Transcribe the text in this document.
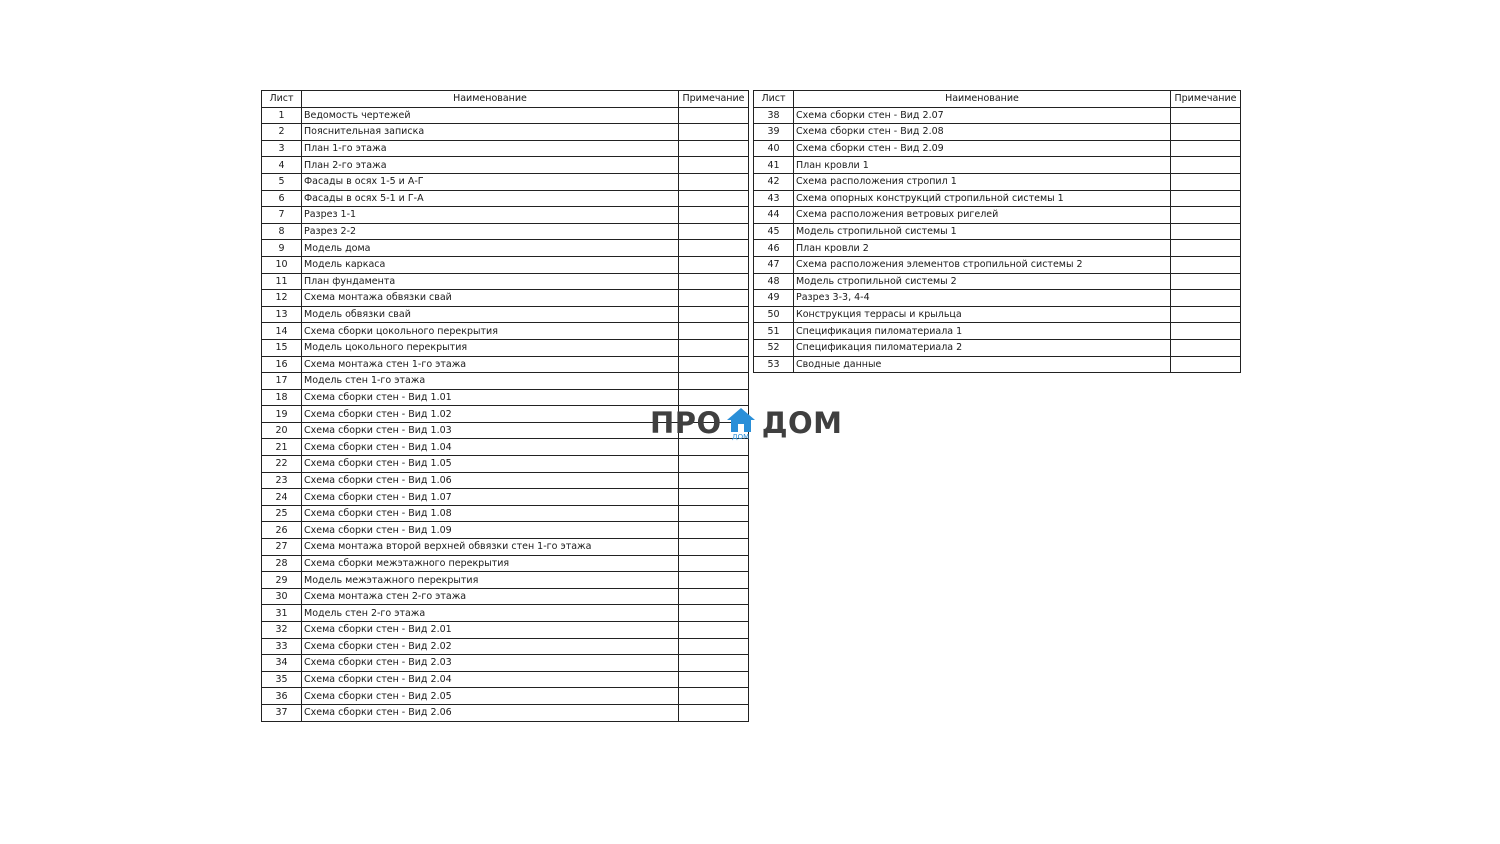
Лист	Наименование	Примечание
1	Ведомость чертежей	
2	Пояснительная записка	
3	План 1-го этажа	
4	План 2-го этажа	
5	Фасады в осях 1-5 и А-Г	
6	Фасады в осях 5-1 и Г-А	
7	Разрез 1-1	
8	Разрез 2-2	
9	Модель дома	
10	Модель каркаса	
11	План фундамента	
12	Схема монтажа обвязки свай	
13	Модель обвязки свай	
14	Схема сборки цокольного перекрытия	
15	Модель цокольного перекрытия	
16	Схема монтажа стен 1-го этажа	
17	Модель стен 1-го этажа	
18	Схема сборки стен - Вид 1.01	
19	Схема сборки стен - Вид 1.02	
20	Схема сборки стен - Вид 1.03	
21	Схема сборки стен - Вид 1.04	
22	Схема сборки стен - Вид 1.05	
23	Схема сборки стен - Вид 1.06	
24	Схема сборки стен - Вид 1.07	
25	Схема сборки стен - Вид 1.08	
26	Схема сборки стен - Вид 1.09	
27	Схема монтажа второй верхней обвязки стен 1-го этажа	
28	Схема сборки межэтажного перекрытия	
29	Модель межэтажного перекрытия	
30	Схема монтажа стен 2-го этажа	
31	Модель стен 2-го этажа	
32	Схема сборки стен - Вид 2.01	
33	Схема сборки стен - Вид 2.02	
34	Схема сборки стен - Вид 2.03	
35	Схема сборки стен - Вид 2.04	
36	Схема сборки стен - Вид 2.05	
37	Схема сборки стен - Вид 2.06	
Лист	Наименование	Примечание
38	Схема сборки стен - Вид 2.07	
39	Схема сборки стен - Вид 2.08	
40	Схема сборки стен - Вид 2.09	
41	План кровли 1	
42	Схема расположения стропил 1	
43	Схема опорных конструкций стропильной системы 1	
44	Схема расположения ветровых ригелей	
45	Модель стропильной системы 1	
46	План кровли 2	
47	Схема расположения элементов стропильной системы 2	
48	Модель стропильной системы 2	
49	Разрез 3-3, 4-4	
50	Конструкция террасы и крыльца	
51	Спецификация пиломатериала 1	
52	Спецификация пиломатериала 2	
53	Сводные данные	
ПРО	ДОМ ДОМ
